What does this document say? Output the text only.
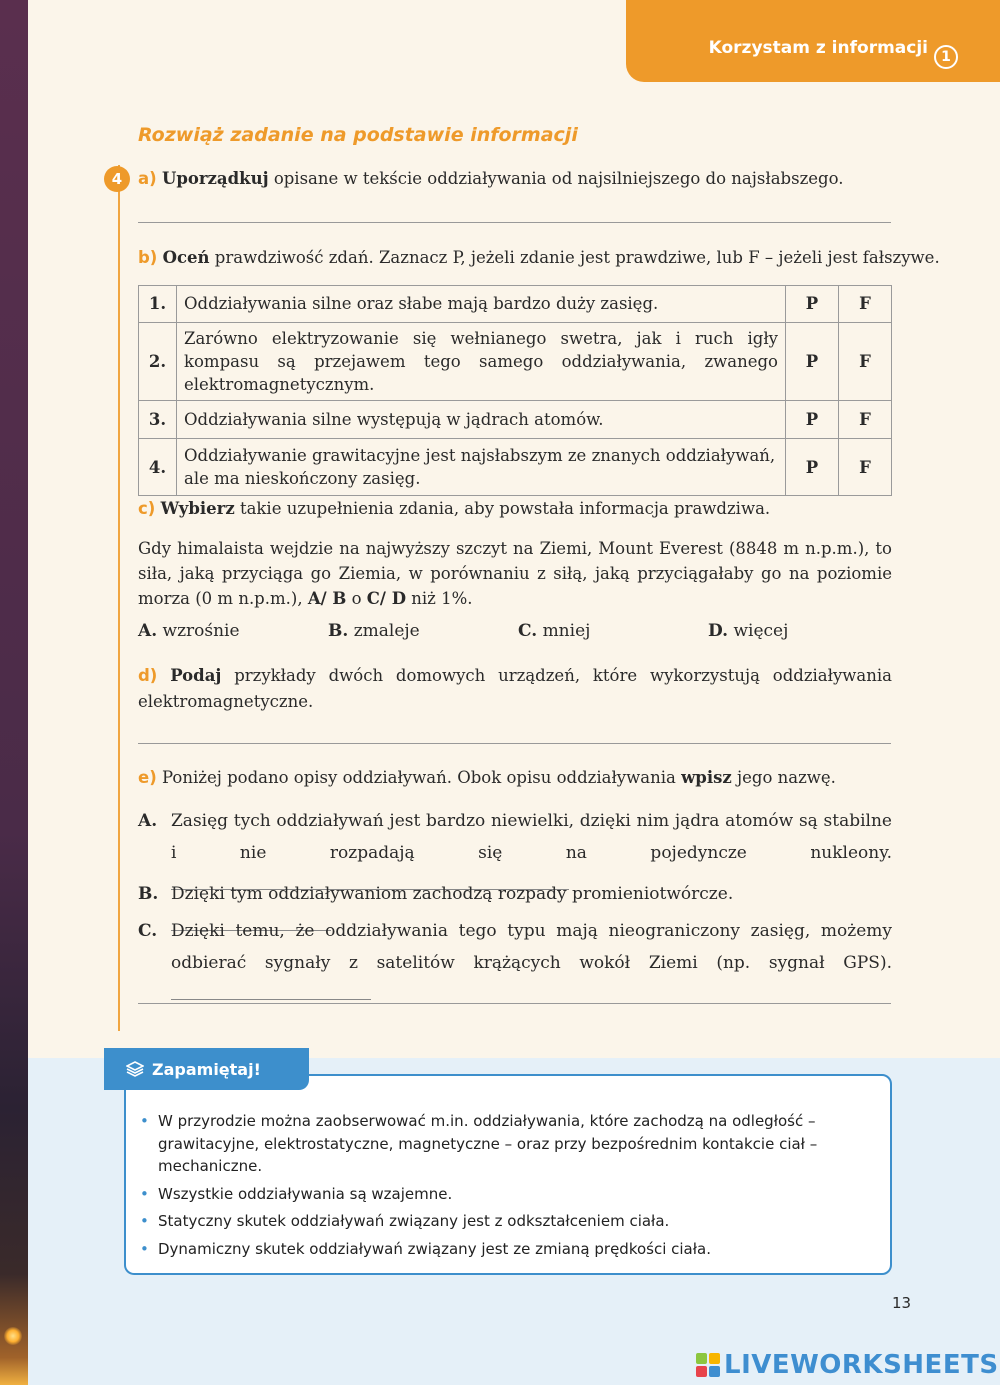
Korzystam z informacji 1
Rozwiąż zadanie na podstawie informacji
4 a) Uporządkuj opisane w tekście oddziaływania od najsilniejszego do najsłabszego.
b) Oceń prawdziwość zdań. Zaznacz P, jeżeli zdanie jest prawdziwe, lub F – jeżeli jest fałszywe.
1.	Oddziaływania silne oraz słabe mają bardzo duży zasięg.	P	F
2.	Zarówno elektryzowanie się wełnianego swetra, jak i ruch igły kompasu są przejawem tego samego oddziaływania, zwanego elektromagnetycznym.	P	F
3.	Oddziaływania silne występują w jądrach atomów.	P	F
4.	Oddziaływanie grawitacyjne jest najsłabszym ze znanych oddziaływań, ale ma nieskończony zasięg.	P	F
c) Wybierz takie uzupełnienia zdania, aby powstała informacja prawdziwa.
Gdy himalaista wejdzie na najwyższy szczyt na Ziemi, Mount Everest (8848 m n.p.m.), to siła, jaką przyciąga go Ziemia, w porównaniu z siłą, jaką przyciągałaby go na poziomie morza (0 m n.p.m.), A/ B o C/ D niż 1%.
A. wzrośnie	B. zmaleje	C. mniej	D. więcej
d) Podaj przykłady dwóch domowych urządzeń, które wykorzystują oddziaływania elektromagnetyczne.
e) Poniżej podano opisy oddziaływań. Obok opisu oddziaływania wpisz jego nazwę.
A. Zasięg tych oddziaływań jest bardzo niewielki, dzięki nim jądra atomów są stabilne i nie rozpadają się na pojedyncze nukleony.
B. Dzięki tym oddziaływaniom zachodzą rozpady promieniotwórcze.
C. Dzięki temu, że oddziaływania tego typu mają nieograniczony zasięg, możemy odbierać sygnały z satelitów krążących wokół Ziemi (np. sygnał GPS).
Zapamiętaj!
• W przyrodzie można zaobserwować m.in. oddziaływania, które zachodzą na odległość – grawitacyjne, elektrostatyczne, magnetyczne – oraz przy bezpośrednim kontakcie ciał – mechaniczne.
• Wszystkie oddziaływania są wzajemne.
• Statyczny skutek oddziaływań związany jest z odkształceniem ciała.
• Dynamiczny skutek oddziaływań związany jest ze zmianą prędkości ciała.
13
LIVEWORKSHEETS
